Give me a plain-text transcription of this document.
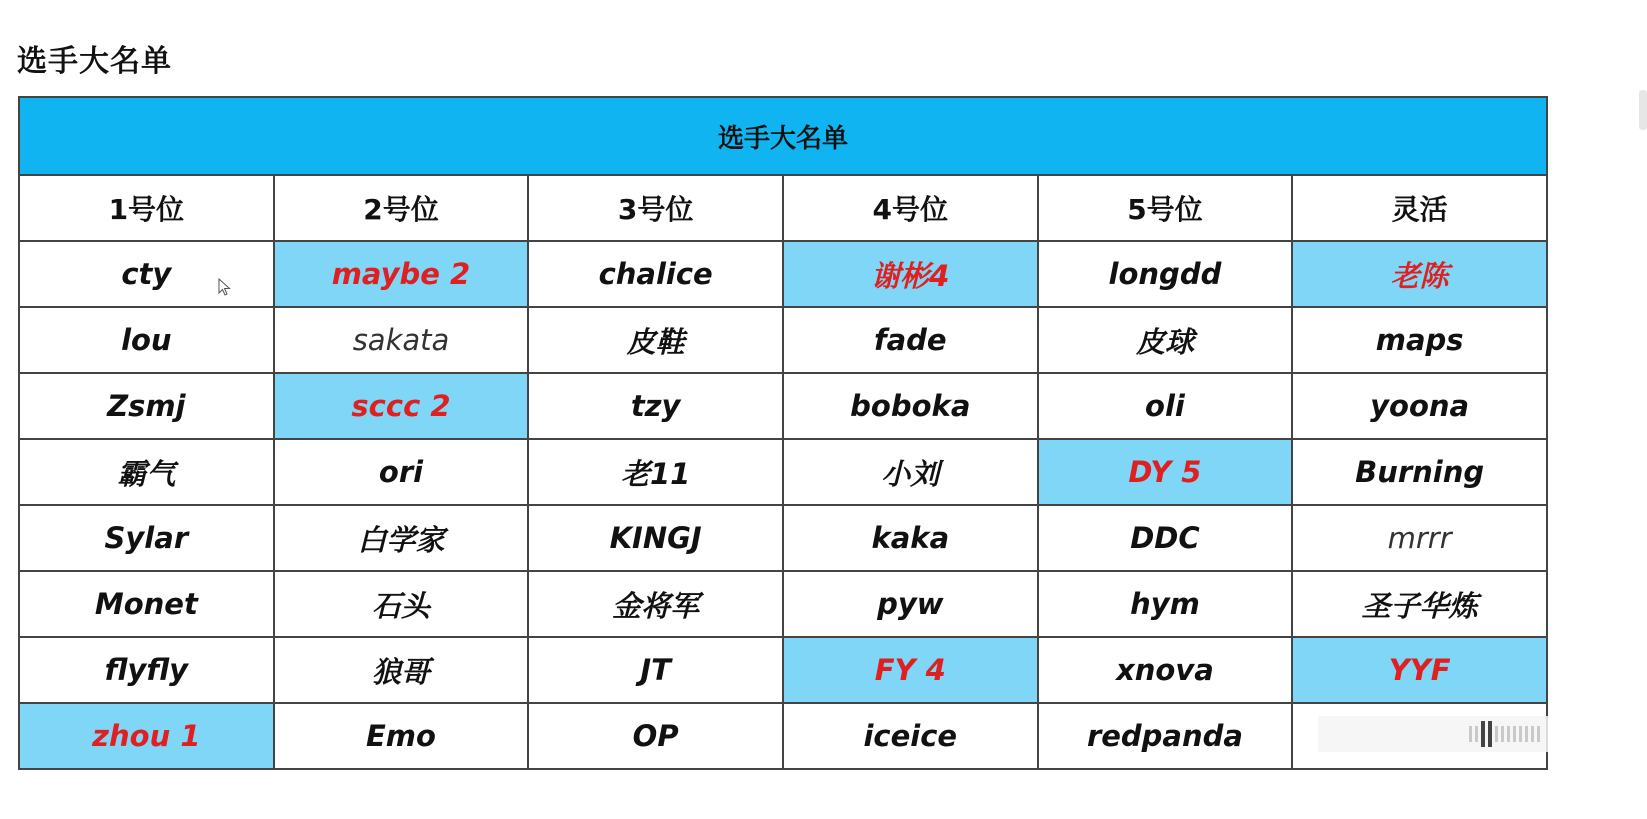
选手大名单
选手大名单					
1号位	2号位	3号位	4号位	5号位	灵活
cty	maybe 2	chalice	谢彬4	longdd	老陈
lou	sakata	皮鞋	fade	皮球	maps
Zsmj	sccc 2	tzy	boboka	oli	yoona
霸气	ori	老11	小刘	DY 5	Burning
Sylar	白学家	KINGJ	kaka	DDC	mrrr
Monet	石头	金将军	pyw	hym	圣子华炼
flyfly	狼哥	JT	FY 4	xnova	YYF
zhou 1	Emo	OP	iceice	redpanda	
